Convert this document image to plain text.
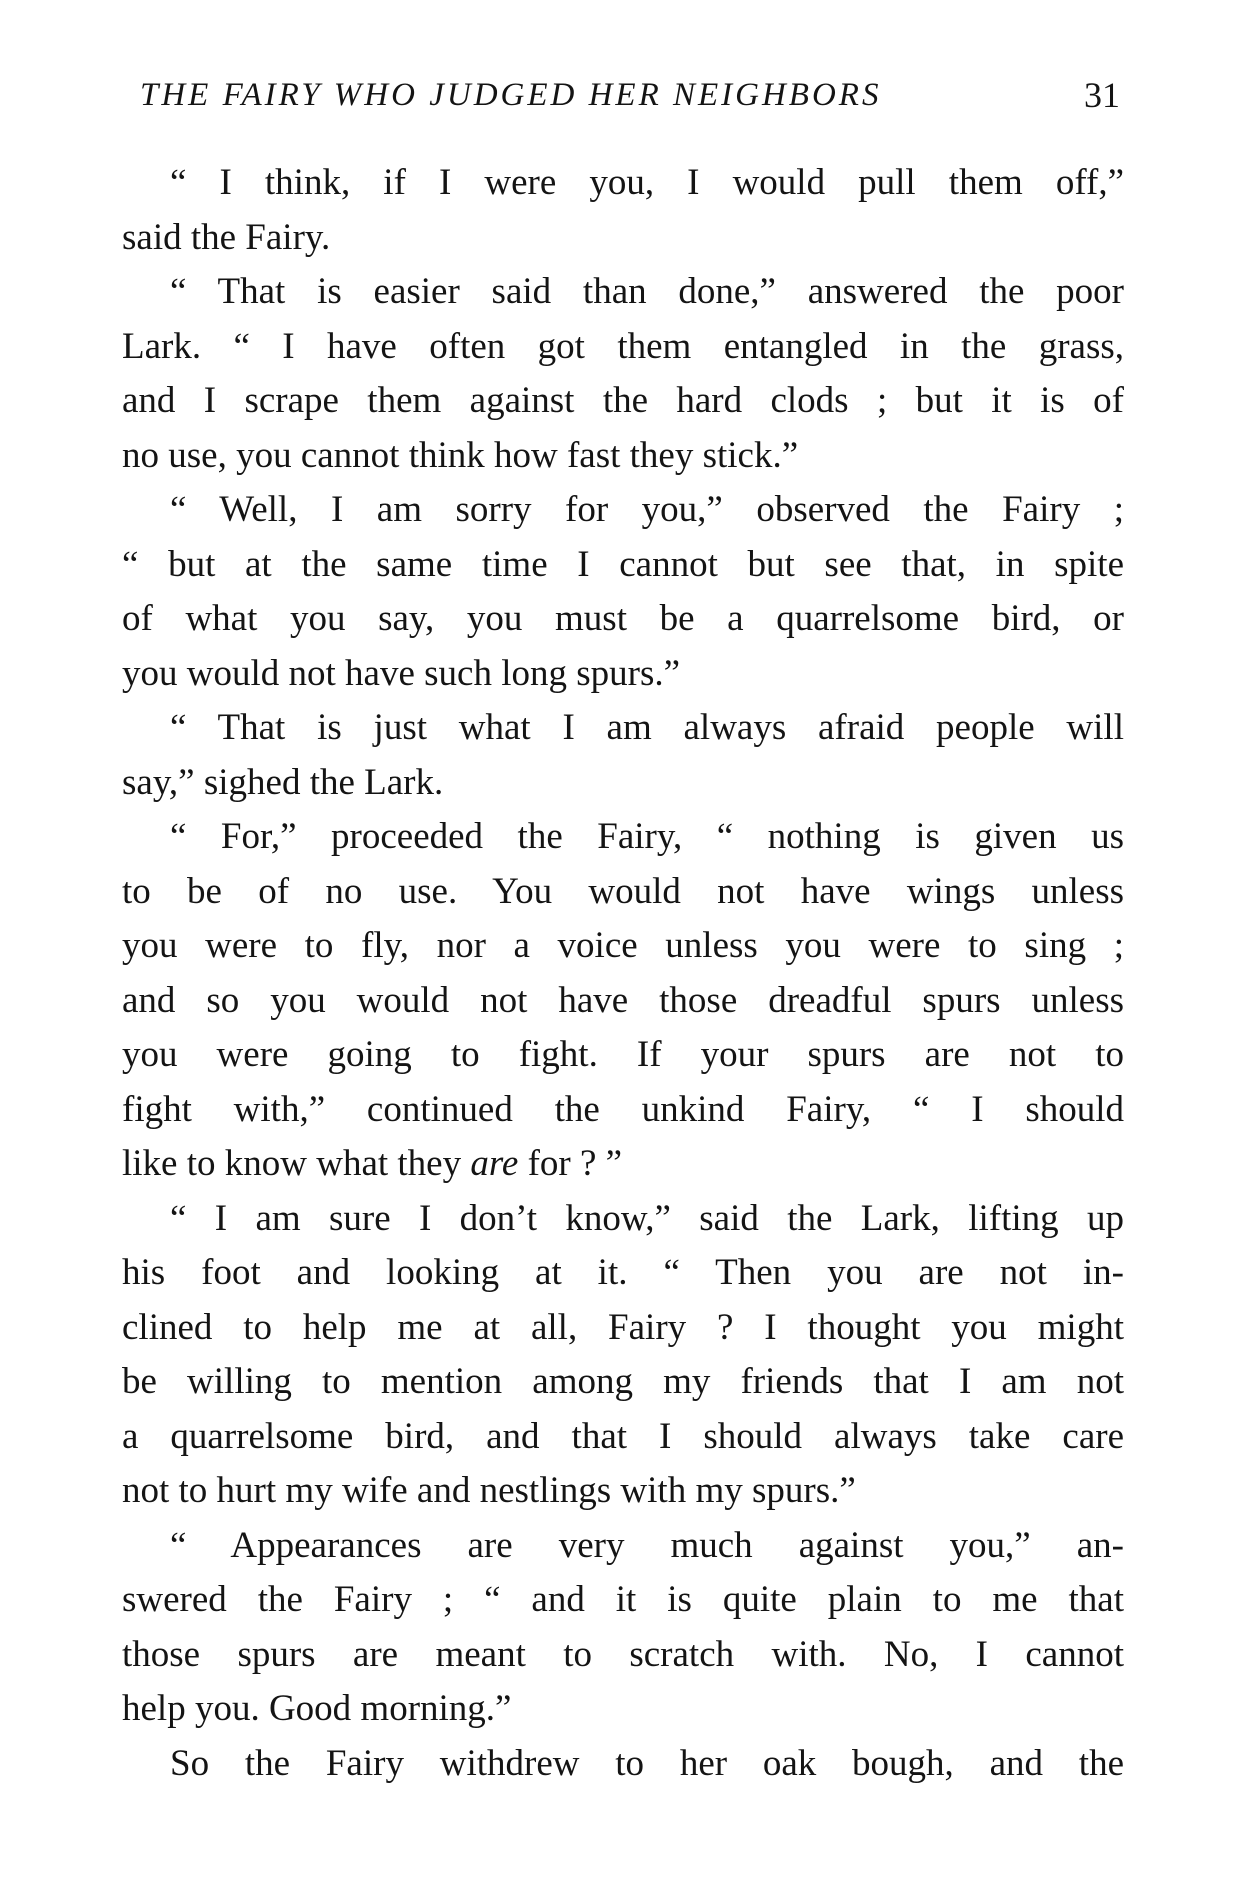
THE FAIRY WHO JUDGED HER NEIGHBORS	31
“ I think, if I were you, I would pull them off,”
said the Fairy.
“ That is easier said than done,” answered the poor
Lark. “ I have often got them entangled in the grass,
and I scrape them against the hard clods ; but it is of
no use, you cannot think how fast they stick.”
“ Well, I am sorry for you,” observed the Fairy ;
“ but at the same time I cannot but see that, in spite
of what you say, you must be a quarrelsome bird, or
you would not have such long spurs.”
“ That is just what I am always afraid people will
say,” sighed the Lark.
“ For,” proceeded the Fairy, “ nothing is given us
to be of no use. You would not have wings unless
you were to fly, nor a voice unless you were to sing ;
and so you would not have those dreadful spurs unless
you were going to fight. If your spurs are not to
fight with,” continued the unkind Fairy, “ I should
like to know what they are for ? ”
“ I am sure I don’t know,” said the Lark, lifting up
his foot and looking at it. “ Then you are not in-
clined to help me at all, Fairy ? I thought you might
be willing to mention among my friends that I am not
a quarrelsome bird, and that I should always take care
not to hurt my wife and nestlings with my spurs.”
“ Appearances are very much against you,” an-
swered the Fairy ; “ and it is quite plain to me that
those spurs are meant to scratch with. No, I cannot
help you. Good morning.”
So the Fairy withdrew to her oak bough, and the
